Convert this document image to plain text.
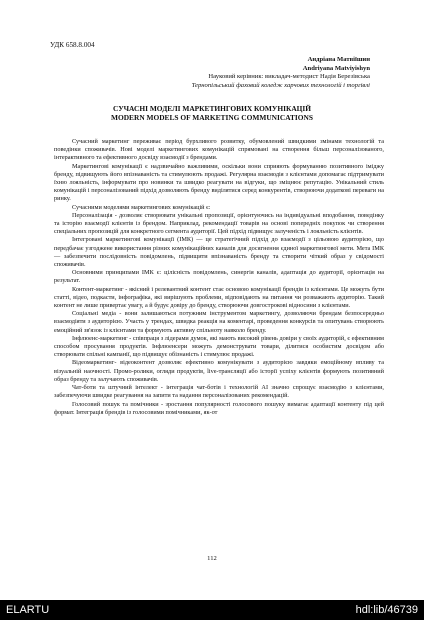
УДК 658.8.004
Андріана Матвіїшин
Andriyana Matviyishyn
Науковий керівник: викладач-методист Надія Березівська
Тернопільський фаховий коледж харчових технологій і торгівлі
СУЧАСНІ МОДЕЛІ МАРКЕТИНГОВИХ КОМУНІКАЦІЙ
MODERN MODELS OF MARKETING COMMUNICATIONS

Сучасний маркетинг переживає період бурхливого розвитку, обумовлений швидкими змінами технологій та поведінки споживачів. Нові моделі маркетингових комунікацій спрямовані на створення більш персоналізованого, інтерактивного та ефективного досвіду взаємодії з брендами.

Маркетингові комунікації є надзвичайно важливими, оскільки вони сприяють формуванню позитивного іміджу бренду, підвищують його впізнаваність та стимулюють продажі. Регулярна взаємодія з клієнтами допомагає підтримувати їхню лояльність, інформувати про новинки та швидко реагувати на відгуки, що зміцнює репутацію. Унікальний стиль комунікацій і персоналізований підхід дозволяють бренду виділятися серед конкурентів, створюючи додаткові переваги на ринку.

Сучасними моделями маркетингових комунікацій є:

Персоналізація - дозволяє створювати унікальні пропозиції, орієнтуючись на індивідуальні вподобання, поведінку та історію взаємодії клієнтів із брендом. Наприклад, рекомендації товарів на основі попередніх покупок чи створення спеціальних пропозицій для конкретного сегмента аудиторії. Цей підхід підвищує залученість і лояльність клієнтів.

Інтегровані маркетингові комунікації (ІМК) — це стратегічний підхід до взаємодії з цільовою аудиторією, що передбачає узгоджене використання різних комунікаційних каналів для досягнення єдиної маркетингової мети. Мета ІМК — забезпечити послідовність повідомлень, підвищити впізнаваність бренду та створити чіткий образ у свідомості споживачів.

Основними принципами ІМК є: цілісність повідомлень, синергія каналів, адаптація до аудиторії, орієнтація на результат.

Контент-маркетинг - якісний і релевантний контент стає основою комунікації брендів із клієнтами. Це можуть бути статті, відео, подкасти, інфографіка, які вирішують проблеми, відповідають на питання чи розважають аудиторію. Такий контент не лише привертає увагу, а й будує довіру до бренду, створюючи довгострокові відносини з клієнтами.

Соціальні медіа - вони залишаються потужним інструментом маркетингу, дозволяючи брендам безпосередньо взаємодіяти з аудиторією. Участь у трендах, швидка реакція на коментарі, проведення конкурсів та опитувань створюють емоційний зв'язок із клієнтами та формують активну спільноту навколо бренду.

Інфлюенс-маркетинг - співпраця з лідерами думок, які мають високий рівень довіри у своїх аудиторій, є ефективним способом просування продуктів. Інфлюенсери можуть демонструвати товари, ділитися особистим досвідом або створювати спільні кампанії, що підвищує обізнаність і стимулює продажі.

Відеомаркетинг- відеоконтент дозволяє ефективно комунікувати з аудиторією завдяки емоційному впливу та візуальній наочності. Промо-ролики, огляди продуктів, live-трансляції або історії успіху клієнтів формують позитивний образ бренду та залучають споживачів.

Чат-боти та штучний інтелект - інтеграція чат-ботів і технологій АІ значно спрощує взаємодію з клієнтами, забезпечуючи швидке реагування на запити та надання персоналізованих рекомендацій.

Голосовий пошук та помічники - зростання популярності голосового пошуку вимагає адаптації контенту під цей формат. Інтеграція брендів із голосовими помічниками, як-от

112
ELARTU	hdl:lib/46739
